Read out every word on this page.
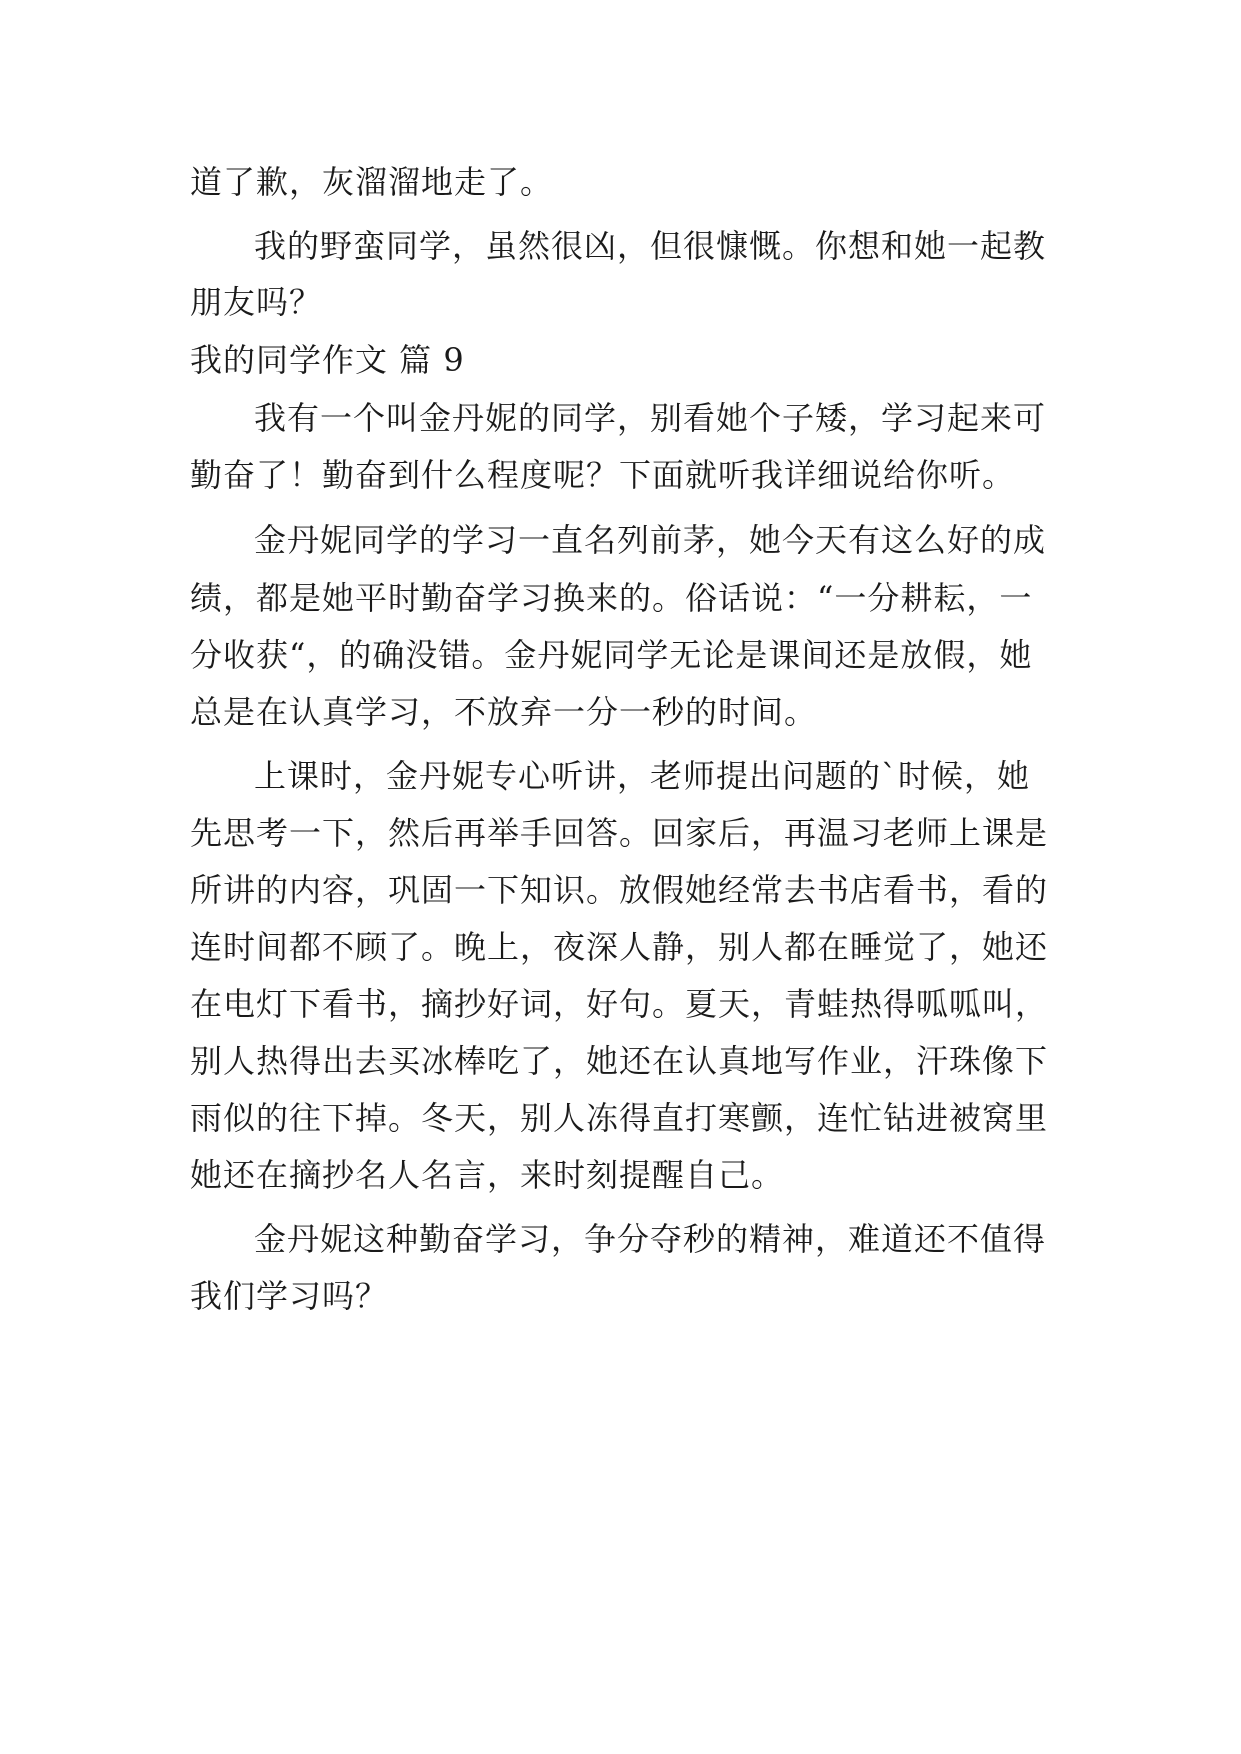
道了歉，灰溜溜地走了。
我的野蛮同学，虽然很凶，但很慷慨。你想和她一起教
朋友吗？
我的同学作文 篇 9
我有一个叫金丹妮的同学，别看她个子矮，学习起来可
勤奋了！勤奋到什么程度呢？下面就听我详细说给你听。
金丹妮同学的学习一直名列前茅，她今天有这么好的成
绩，都是她平时勤奋学习换来的。俗话说：“一分耕耘，一
分收获“，的确没错。金丹妮同学无论是课间还是放假，她
总是在认真学习，不放弃一分一秒的时间。
上课时，金丹妮专心听讲，老师提出问题的`时候，她
先思考一下，然后再举手回答。回家后，再温习老师上课是
所讲的内容，巩固一下知识。放假她经常去书店看书，看的
连时间都不顾了。晚上，夜深人静，别人都在睡觉了，她还
在电灯下看书，摘抄好词，好句。夏天，青蛙热得呱呱叫，
别人热得出去买冰棒吃了，她还在认真地写作业，汗珠像下
雨似的往下掉。冬天，别人冻得直打寒颤，连忙钻进被窝里
她还在摘抄名人名言，来时刻提醒自己。
金丹妮这种勤奋学习，争分夺秒的精神，难道还不值得
我们学习吗？
